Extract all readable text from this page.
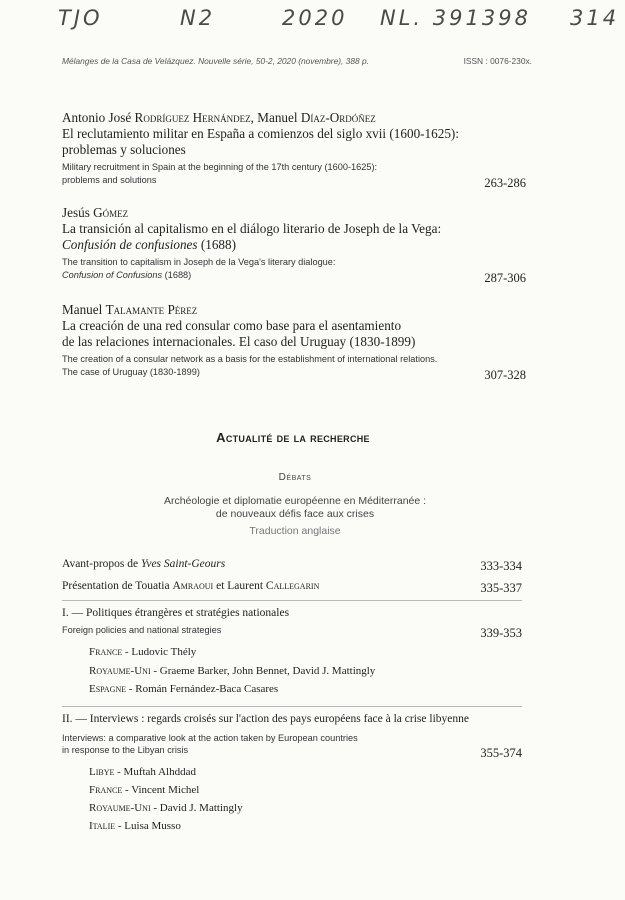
TJO	N2	2020 NL. 391398 314
Mélanges de la Casa de Velázquez. Nouvelle série, 50-2, 2020 (novembre), 388 p.	ISSN : 0076-230x.
Antonio José Rodríguez Hernández, Manuel Díaz-Ordóñez
El reclutamiento militar en España a comienzos del siglo xvii (1600-1625):
problemas y soluciones
Military recruitment in Spain at the beginning of the 17th century (1600-1625):
problems and solutions	263-286
Jesús Gómez
La transición al capitalismo en el diálogo literario de Joseph de la Vega:
Confusión de confusiones (1688)
The transition to capitalism in Joseph de la Vega's literary dialogue:
Confusion of Confusions (1688)	287-306
Manuel Talamante Pérez
La creación de una red consular como base para el asentamiento
de las relaciones internacionales. El caso del Uruguay (1830-1899)
The creation of a consular network as a basis for the establishment of international relations.
The case of Uruguay (1830-1899)	307-328
Actualité de la recherche
Débats
Archéologie et diplomatie européenne en Méditerranée :
de nouveaux défis face aux crises
Traduction anglaise
Avant-propos de Yves Saint-Geours	333-334
Présentation de Touatia Amraoui et Laurent Callegarin	335-337
I. — Politiques étrangères et stratégies nationales
Foreign policies and national strategies	339-353
France - Ludovic Thély
Royaume-Uni - Graeme Barker, John Bennet, David J. Mattingly
Espagne - Román Fernández-Baca Casares
II. — Interviews : regards croisés sur l'action des pays européens face à la crise libyenne
Interviews: a comparative look at the action taken by European countries
in response to the Libyan crisis	355-374
Libye - Muftah Alhddad
France - Vincent Michel
Royaume-Uni - David J. Mattingly
Italie - Luisa Musso
